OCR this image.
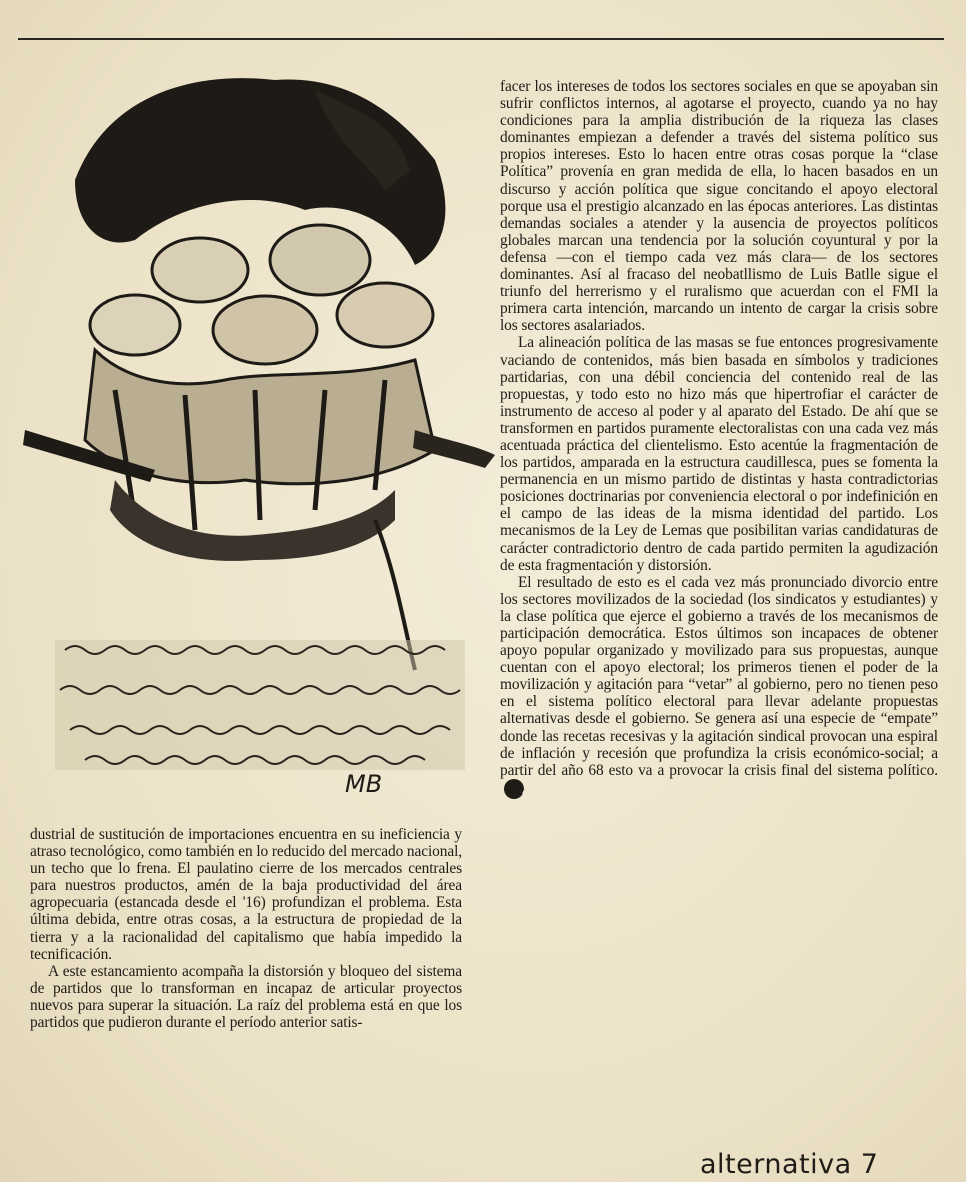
MB

facer los intereses de todos los sectores sociales en que se apoyaban sin sufrir conflictos internos, al agotarse el proyecto, cuando ya no hay condiciones para la amplia distribución de la riqueza las clases dominantes empiezan a defender a través del sistema político sus propios intereses. Esto lo hacen entre otras cosas porque la “clase Política” provenía en gran medida de ella, lo hacen basados en un discurso y acción política que sigue concitando el apoyo electoral porque usa el prestigio alcanzado en las épocas anteriores. Las distintas demandas sociales a atender y la ausencia de proyectos políticos globales marcan una tendencia por la solución coyuntural y por la defensa —con el tiempo cada vez más clara— de los sectores dominantes. Así al fracaso del neobatllismo de Luis Batlle sigue el triunfo del herrerismo y el ruralismo que acuerdan con el FMI la primera carta intención, marcando un intento de cargar la crisis sobre los sectores asalariados.

La alineación política de las masas se fue entonces progresivamente vaciando de contenidos, más bien basada en símbolos y tradiciones partidarias, con una débil conciencia del contenido real de las propuestas, y todo esto no hizo más que hipertrofiar el carácter de instrumento de acceso al poder y al aparato del Estado. De ahí que se transformen en partidos puramente electoralistas con una cada vez más acentuada práctica del clientelismo. Esto acentúe la fragmentación de los partidos, amparada en la estructura caudillesca, pues se fomenta la permanencia en un mismo partido de distintas y hasta contradictorias posiciones doctrinarias por conveniencia electoral o por indefinición en el campo de las ideas de la misma identidad del partido. Los mecanismos de la Ley de Lemas que posibilitan varias candidaturas de carácter contradictorio dentro de cada partido permiten la agudización de esta fragmentación y distorsión.

El resultado de esto es el cada vez más pronunciado divorcio entre los sectores movilizados de la sociedad (los sindicatos y estudiantes) y la clase política que ejerce el gobierno a través de los mecanismos de participación democrática. Estos últimos son incapaces de obtener apoyo popular organizado y movilizado para sus propuestas, aunque cuentan con el apoyo electoral; los primeros tienen el poder de la movilización y agitación para “vetar” al gobierno, pero no tienen peso en el sistema político electoral para llevar adelante propuestas alternativas desde el gobierno. Se genera así una especie de “empate” donde las recetas recesivas y la agitación sindical provocan una espiral de inflación y recesión que profundiza la crisis económico-social; a partir del año 68 esto va a provocar la crisis final del sistema político.▲

dustrial de sustitución de importaciones encuentra en su ineficiencia y atraso tecnológico, como también en lo reducido del mercado nacional, un techo que lo frena. El paulatino cierre de los mercados centrales para nuestros productos, amén de la baja productividad del área agropecuaria (estancada desde el '16) profundizan el problema. Esta última debida, entre otras cosas, a la estructura de propiedad de la tierra y a la racionalidad del capitalismo que había impedido la tecnificación.

A este estancamiento acompaña la distorsión y bloqueo del sistema de partidos que lo transforman en incapaz de articular proyectos nuevos para superar la situación. La raíz del problema está en que los partidos que pudieron durante el período anterior satis-

alternativa 7
